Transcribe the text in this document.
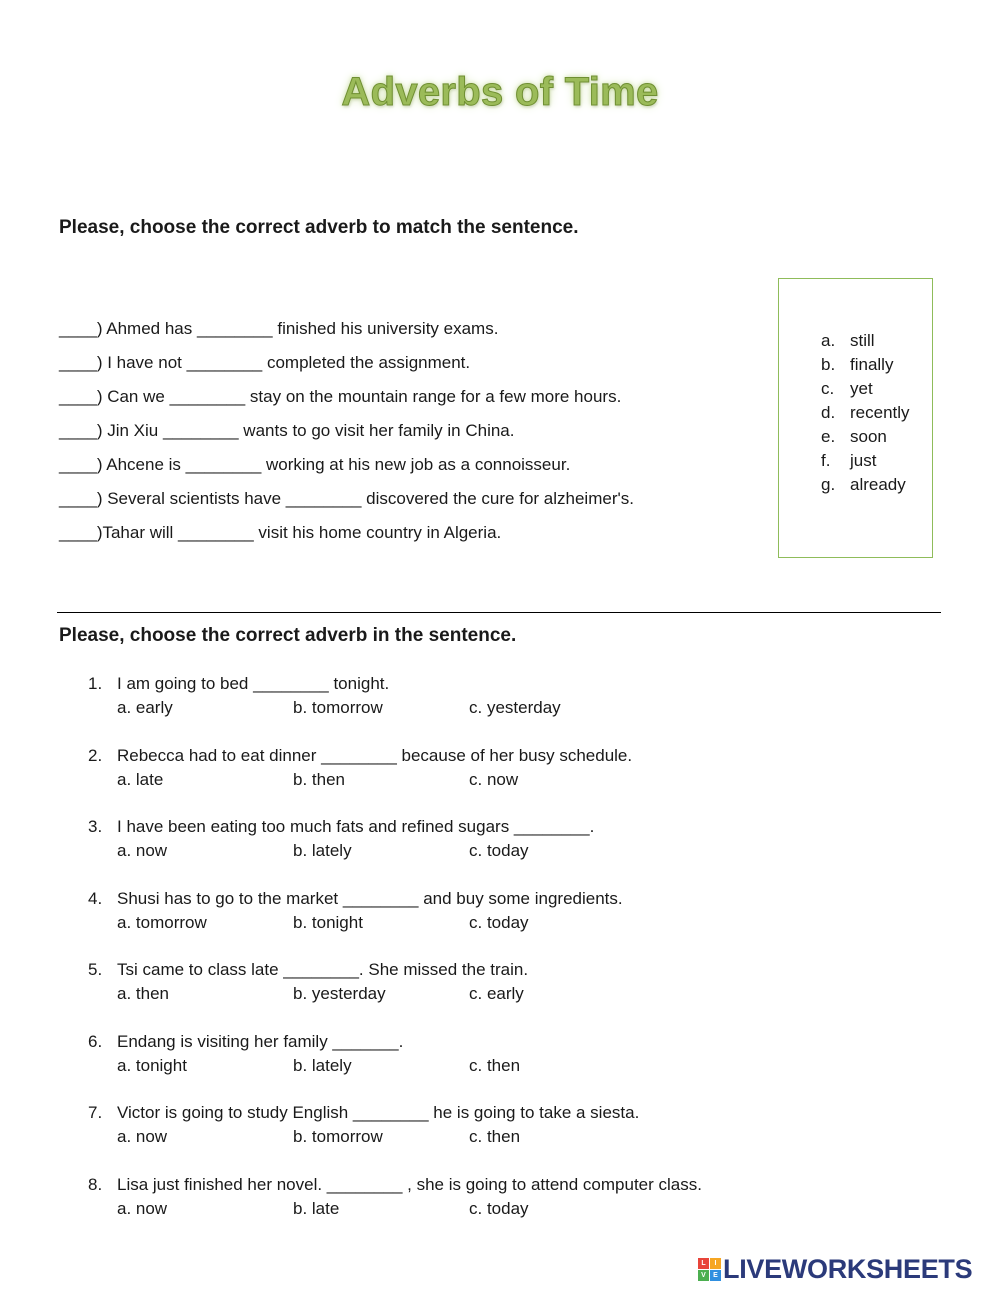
Adverbs of Time
Please, choose the correct adverb to match the sentence.
____) Ahmed has ________ finished his university exams.
____) I have not ________ completed the assignment.
____) Can we ________ stay on the mountain range for a few more hours.
____) Jin Xiu ________ wants to go visit her family in China.
____) Ahcene is ________ working at his new job as a connoisseur.
____) Several scientists have ________ discovered the cure for alzheimer's.
____)Tahar will ________ visit his home country in Algeria.
a. still
b. finally
c. yet
d. recently
e. soon
f. just
g. already
Please, choose the correct adverb in the sentence.
1. I am going to bed ________ tonight.
a. early	b. tomorrow	c. yesterday
2. Rebecca had to eat dinner ________ because of her busy schedule.
a. late	b. then	c. now
3. I have been eating too much fats and refined sugars ________.
a. now	b. lately	c. today
4. Shusi has to go to the market ________ and buy some ingredients.
a. tomorrow	b. tonight	c. today
5. Tsi came to class late ________. She missed the train.
a. then	b. yesterday	c. early
6. Endang is visiting her family _______.
a. tonight	b. lately	c. then
7. Victor is going to study English ________ he is going to take a siesta.
a. now	b. tomorrow	c. then
8. Lisa just finished her novel. ________ , she is going to attend computer class.
a. now	b. late	c. today
L	I
V	E LIVEWORKSHEETS
